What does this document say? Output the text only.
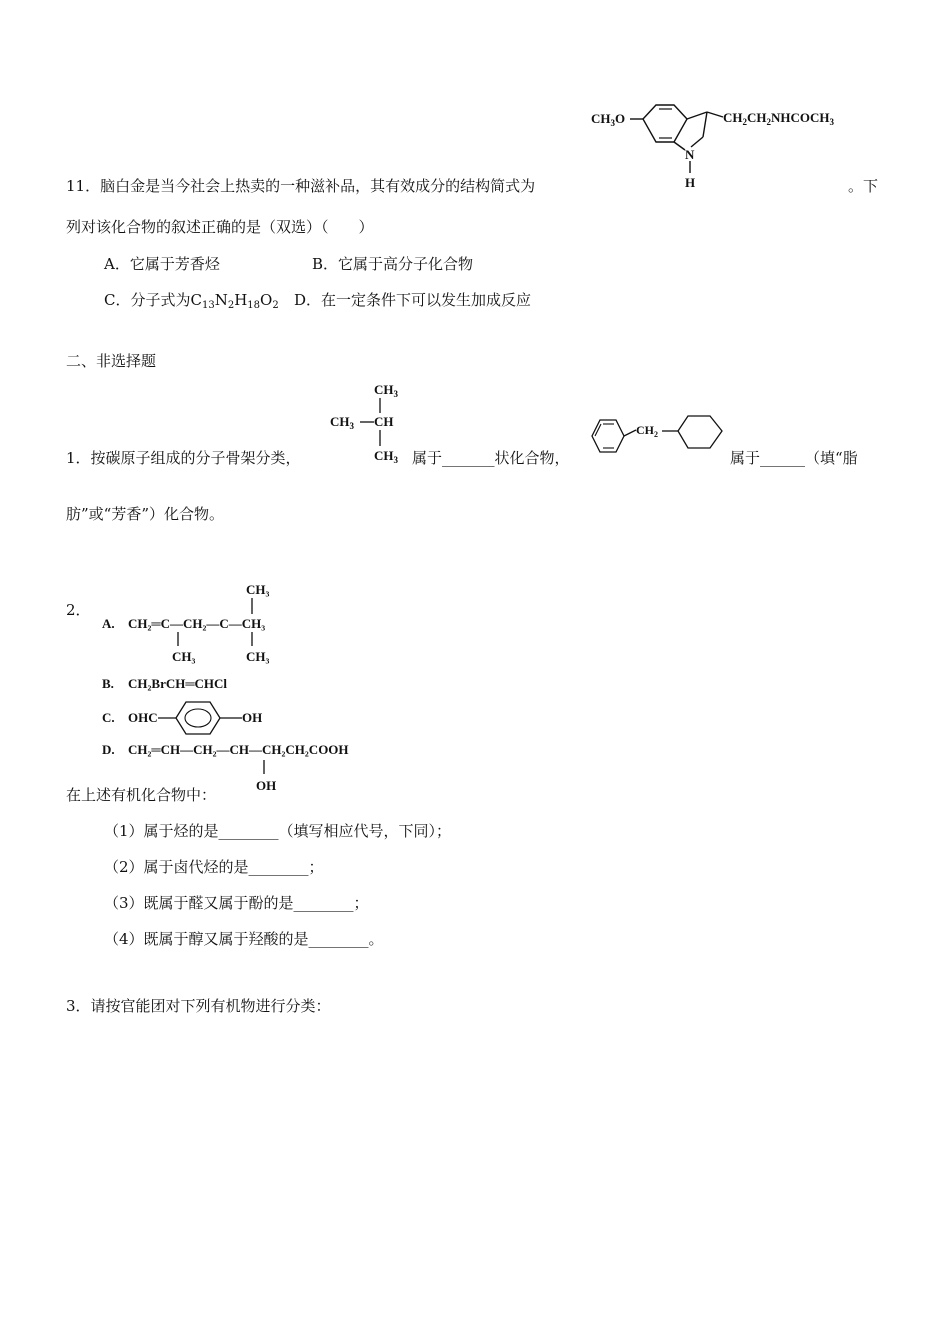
11．脑白金是当今社会上热卖的一种滋补品，其有效成分的结构简式为	。下
$CH_3O$
N
H
$CH_2CH_2NHCOCH_3$
列对该化合物的叙述正确的是（双选）（　　）
A．它属于芳香烃	B．它属于高分子化合物
C．分子式为$C_{13}N_2H_{18}O_2$ D．在一定条件下可以发生加成反应
二、非选择题
1．按碳原子组成的分子骨架分类，
$CH_3$
$CH_3$ CH
$CH_3$ 属于_______状化合物，
$CH_2$
属于______（填“脂
肪”或“芳香”）化合物。
2．
A. CH₂═C—CH₂—C—CH₃
CH₃
CH₃	CH₃
B. CH₂BrCH═CHCl
C. OHC	OH
D. CH₂═CH—CH₂—CH—CH₂CH₂COOH
OH
在上述有机化合物中：
（1）属于烃的是________（填写相应代号，下同）；
（2）属于卤代烃的是________；
（3）既属于醛又属于酚的是________；
（4）既属于醇又属于羟酸的是________。
3．请按官能团对下列有机物进行分类：
